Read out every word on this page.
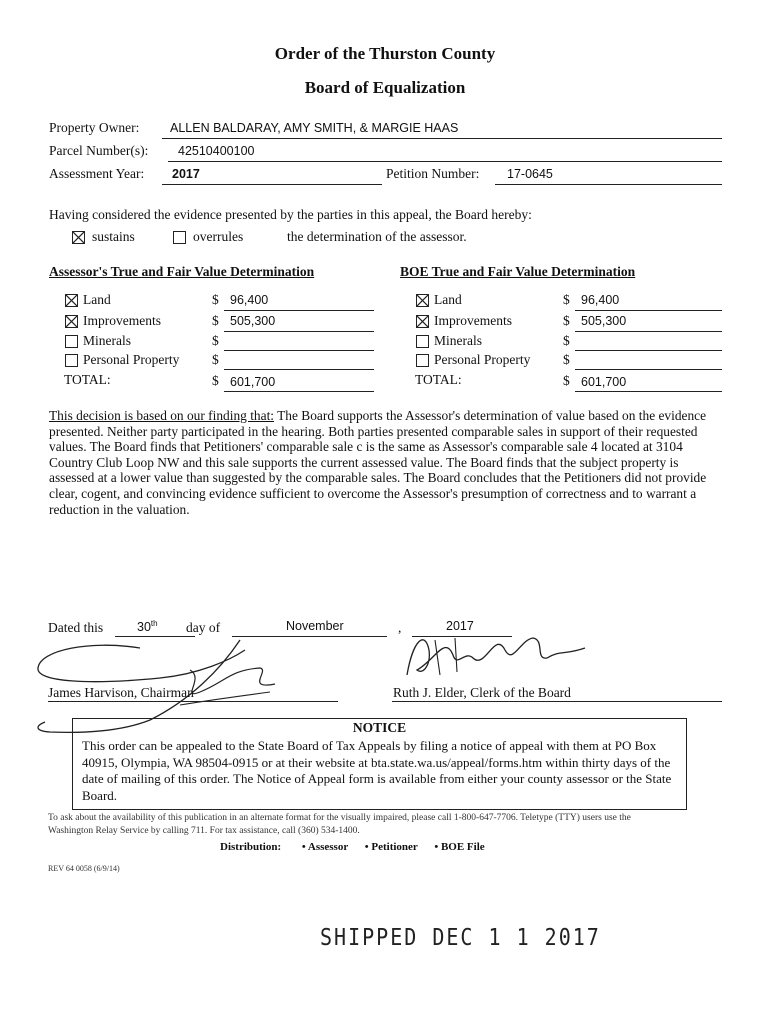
Order of the Thurston County
Board of Equalization
Property Owner: ALLEN BALDARAY, AMY SMITH, & MARGIE HAAS
Parcel Number(s): 42510400100
Assessment Year: 2017	Petition Number: 17-0645
Having considered the evidence presented by the parties in this appeal, the Board hereby:
sustains	overrules	the determination of the assessor.
Assessor's True and Fair Value Determination
Land	$ 96,400
Improvements	$ 505,300
Minerals	$
Personal Property $
TOTAL:	$ 601,700
BOE True and Fair Value Determination
Land	$ 96,400
Improvements	$ 505,300
Minerals	$
Personal Property $
TOTAL:	$ 601,700
This decision is based on our finding that: The Board supports the Assessor's determination of value based on the evidence presented. Neither party participated in the hearing. Both parties presented comparable sales in support of their requested values. The Board finds that Petitioners' comparable sale c is the same as Assessor's comparable sale 4 located at 3104 Country Club Loop NW and this sale supports the current assessed value. The Board finds that the subject property is assessed at a lower value than suggested by the comparable sales. The Board concludes that the Petitioners did not provide clear, cogent, and convincing evidence sufficient to overcome the Assessor's presumption of correctness and to warrant a reduction in the valuation.
Dated this	30th day of	November	,	2017
James Harvison, Chairman	Ruth J. Elder, Clerk of the Board
NOTICE
This order can be appealed to the State Board of Tax Appeals by filing a notice of appeal with them at PO Box 40915, Olympia, WA 98504-0915 or at their website at bta.state.wa.us/appeal/forms.htm within thirty days of the date of mailing of this order. The Notice of Appeal form is available from either your county assessor or the State Board.
To ask about the availability of this publication in an alternate format for the visually impaired, please call 1-800-647-7706. Teletype (TTY) users use the Washington Relay Service by calling 711. For tax assistance, call (360) 534-1400.
Distribution: • Assessor • Petitioner • BOE File
REV 64 0058 (6/9/14)
SHIPPED DEC 1 1 2017
